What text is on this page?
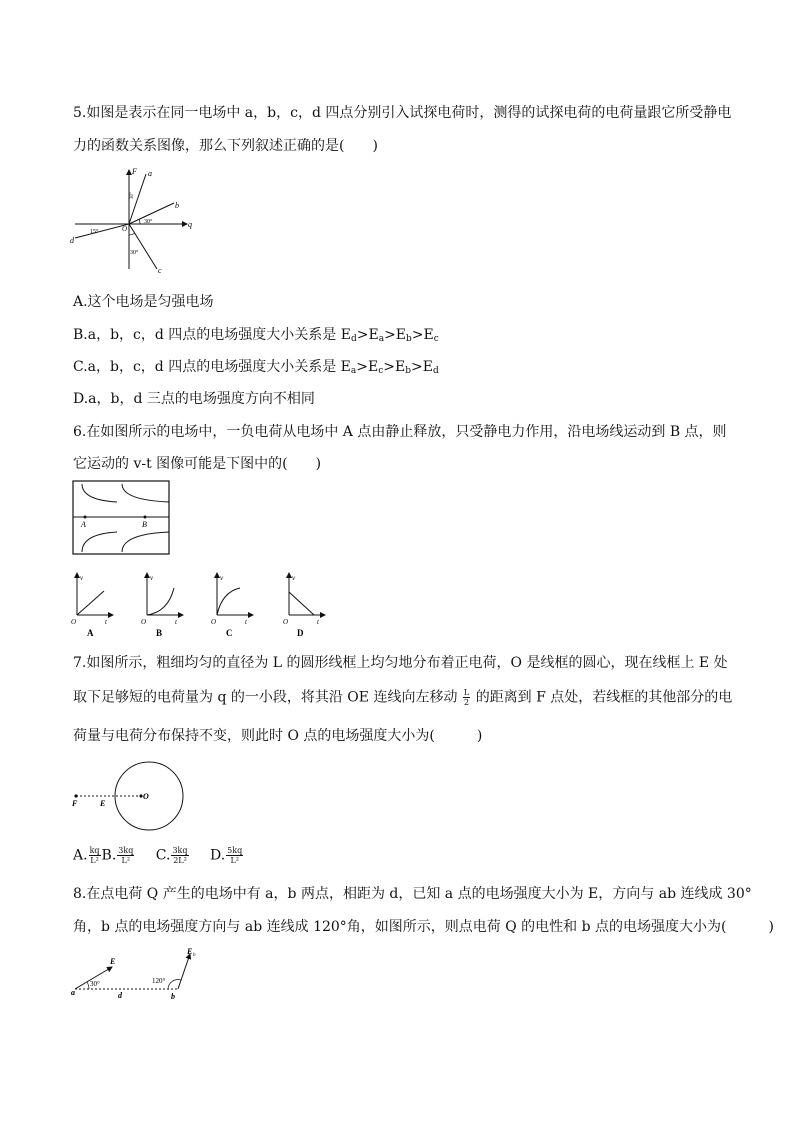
5.如图是表示在同一电场中 a，b，c，d 四点分别引入试探电荷时，测得的试探电荷的电荷量跟它所受静电
力的函数关系图像，那么下列叙述正确的是(　　)
F
q
O
a
b
c
d
30°
30°
30°
15°
A.这个电场是匀强电场
B.a，b，c，d 四点的电场强度大小关系是 $E_d>E_a>E_b>E_c$
C.a，b，c，d 四点的电场强度大小关系是 $E_a>E_c>E_b>E_d$
D.a，b，d 三点的电场强度方向不相同
6.在如图所示的电场中，一负电荷从电场中 A 点由静止释放，只受静电力作用，沿电场线运动到 B 点，则
它运动的 v-t 图像可能是下图中的(　　)
A	B
v
t
O
A
v
t
O
B
v
t
O
C
v
t
O
D
7.如图所示，粗细均匀的直径为 L 的圆形线框上均匀地分布着正电荷，O 是线框的圆心，现在线框上 E 处
取下足够短的电荷量为 q 的一小段，将其沿 OE 连线向左移动 $\frac{L}{2}$ 的距离到 F 点处，若线框的其他部分的电
荷量与电荷分布保持不变，则此时 O 点的电场强度大小为(　　　)
F	E
O
A. $\frac{kq}{\text{L²}} B$. $\frac{3kq}{\text{L²}} C$. $\frac{3kq}{\text{2L²}} D$. $\frac{5kq}{\text{L²}}$
8.在点电荷 Q 产生的电场中有 a，b 两点，相距为 d，已知 a 点的电场强度大小为 E，方向与 ab 连线成 30°
角，b 点的电场强度方向与 ab 连线成 120°角，如图所示，则点电荷 Q 的电性和 b 点的电场强度大小为(　　　)
E
E b
a	b
d
30°	120°
